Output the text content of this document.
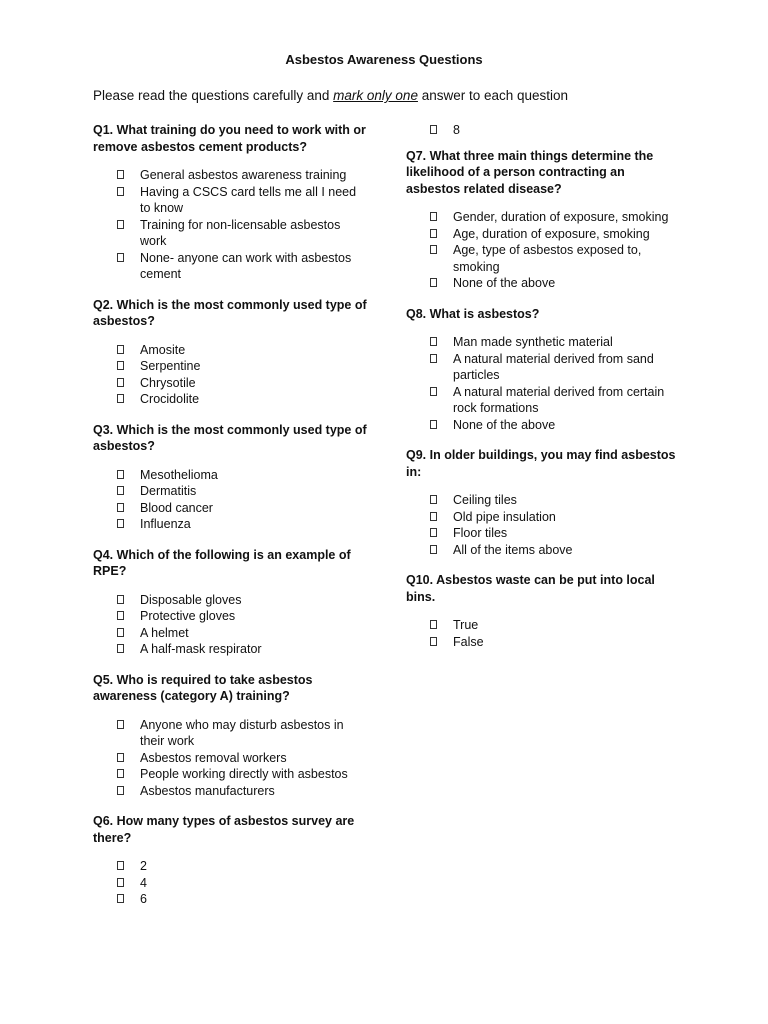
Asbestos Awareness Questions
Please read the questions carefully and mark only one answer to each question
Q1. What training do you need to work with or remove asbestos cement products?
General asbestos awareness training
Having a CSCS card tells me all I need to know
Training for non-licensable asbestos work
None- anyone can work with asbestos cement
Q2. Which is the most commonly used type of asbestos?
Amosite
Serpentine
Chrysotile
Crocidolite
Q3. Which is the most commonly used type of asbestos?
Mesothelioma
Dermatitis
Blood cancer
Influenza
Q4. Which of the following is an example of RPE?
Disposable gloves
Protective gloves
A helmet
A half-mask respirator
Q5. Who is required to take asbestos awareness (category A) training?
Anyone who may disturb asbestos in their work
Asbestos removal workers
People working directly with asbestos
Asbestos manufacturers
Q6. How many types of asbestos survey are there?
2
4
6
8
Q7. What three main things determine the likelihood of a person contracting an asbestos related disease?
Gender, duration of exposure, smoking
Age, duration of exposure, smoking
Age, type of asbestos exposed to, smoking
None of the above
Q8. What is asbestos?
Man made synthetic material
A natural material derived from sand particles
A natural material derived from certain rock formations
None of the above
Q9. In older buildings, you may find asbestos in:
Ceiling tiles
Old pipe insulation
Floor tiles
All of the items above
Q10. Asbestos waste can be put into local bins.
True
False
